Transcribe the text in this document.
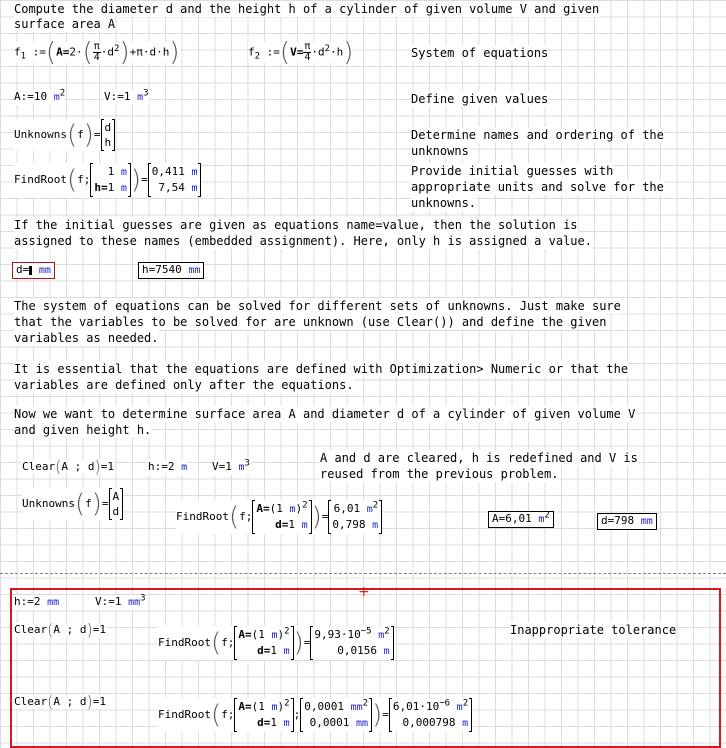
Compute the diameter d and the height h of a cylinder of given volume V and given
surface area A
$f_1$ :=(A=2·( $\frac{\pi}{4} \cdot d^2)+\pi\cdot d\cdot h$)	$f_2$ :=(V= $\frac{\pi}{4} \cdot d^2\cdot h$)	System of equations
A:=10 $m^2$	V:=1 $m^3$	Define given values
Unknowns(f)=
d
h
Determine names and ordering of the
unknowns
FindRoot(f;
1 m
h=1 m )=
0,411 m
7,54 m
Provide initial guesses with
appropriate units and solve for the
unknowns.
If the initial guesses are given as equations name=value, then the solution is
assigned to these names (embedded assignment). Here, only h is assigned a value.
d= mm	h=7540 mm
The system of equations can be solved for different sets of unknowns. Just make sure
that the variables to be solved for are unknown (use Clear()) and define the given
variables as needed.
It is essential that the equations are defined with Optimization> Numeric or that the
variables are defined only after the equations.
Now we want to determine surface area A and diameter d of a cylinder of given volume V
and given height h.
Clear(A ; d)=1	h:=2 m V=1 $m^3$	A and d are cleared, h is redefined and V is
reused from the previous problem.
Unknowns(f)=
A
d	FindRoot(f;
A=(1 m)$^2$
d=1 m )=
6,01 $m^2$
0,798 m
A=6,01 $m^2$	d=798 mm
+
h:=2 mm	V:=1 $mm^3$
Clear(A ; d)=1
FindRoot(f;
A=(1 m)$^2$
d=1 m )=
$9,93\cdot 10^{-5}$ $m^2$
0,0156 m
Inappropriate tolerance
Clear(A ; d)=1
FindRoot(f;
A=(1 m)$^2$
d=1 m
;
0,0001 $mm^2$
0,0001 mm )=
$6,01\cdot 10^{-6}$ $m^2$
0,000798 m
